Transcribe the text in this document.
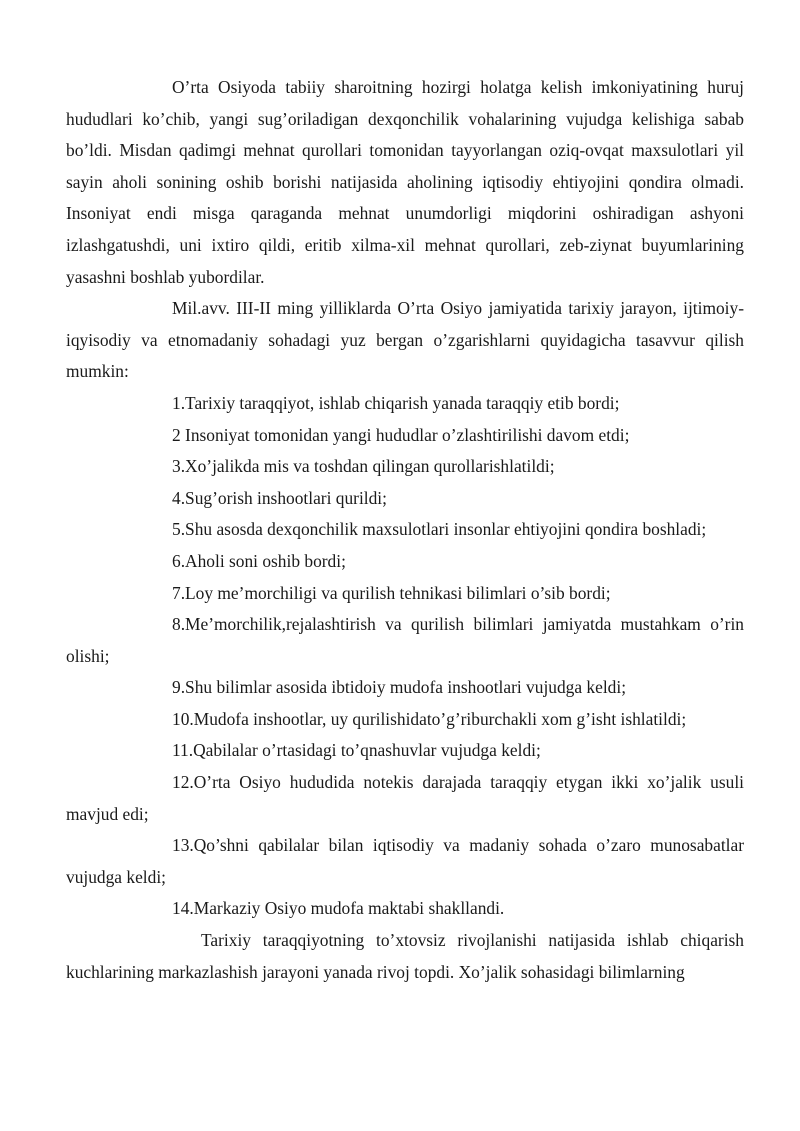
O’rta Osiyoda tabiiy sharoitning hozirgi holatga kelish imkoniyatining huruj hududlari ko’chib, yangi sug’oriladigan dexqonchilik vohalarining vujudga kelishiga sabab bo’ldi. Misdan qadimgi mehnat qurollari tomonidan tayyorlangan oziq-ovqat maxsulotlari yil sayin aholi sonining oshib borishi natijasida aholining iqtisodiy ehtiyojini qondira olmadi. Insoniyat endi misga qaraganda mehnat unumdorligi miqdorini oshiradigan ashyoni izlashgatushdi, uni ixtiro qildi, eritib xilma-xil mehnat qurollari, zeb-ziynat buyumlarining yasashni boshlab yubordilar.

Mil.avv. III-II ming yilliklarda O’rta Osiyo jamiyatida tarixiy jarayon, ijtimoiy-iqyisodiy va etnomadaniy sohadagi yuz bergan o’zgarishlarni quyidagicha tasavvur qilish mumkin:

1.Tarixiy taraqqiyot, ishlab chiqarish yanada taraqqiy etib bordi;

2 Insoniyat tomonidan yangi hududlar o’zlashtirilishi davom etdi;

3.Xo’jalikda mis va toshdan qilingan qurollarishlatildi;

4.Sug’orish inshootlari qurildi;

5.Shu asosda dexqonchilik maxsulotlari insonlar ehtiyojini qondira boshladi;

6.Aholi soni oshib bordi;

7.Loy me’morchiligi va qurilish tehnikasi bilimlari o’sib bordi;

8.Me’morchilik,rejalashtirish va qurilish bilimlari jamiyatda mustahkam o’rin olishi;

9.Shu bilimlar asosida ibtidoiy mudofa inshootlari vujudga keldi;

10.Mudofa inshootlar, uy qurilishidato’g’riburchakli xom g’isht ishlatildi;

11.Qabilalar o’rtasidagi to’qnashuvlar vujudga keldi;

12.O’rta Osiyo hududida notekis darajada taraqqiy etygan ikki xo’jalik usuli mavjud edi;

13.Qo’shni qabilalar bilan iqtisodiy va madaniy sohada o’zaro munosabatlar vujudga keldi;

14.Markaziy Osiyo mudofa maktabi shakllandi.

Tarixiy taraqqiyotning to’xtovsiz rivojlanishi natijasida ishlab chiqarish kuchlarining markazlashish jarayoni yanada rivoj topdi. Xo’jalik sohasidagi bilimlarning
